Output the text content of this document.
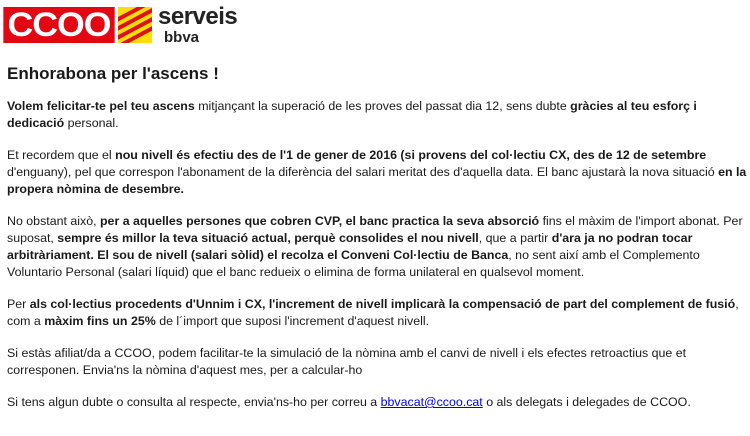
CCOO serveis
bbva
Enhorabona per l'ascens !

Volem felicitar-te pel teu ascens mitjançant la superació de les proves del passat dia 12, sens dubte gràcies al teu esforç i dedicació personal.

Et recordem que el nou nivell és efectiu des de l'1 de gener de 2016 (si provens del col·lectiu CX, des de 12 de setembre d'enguany), pel que correspon l'abonament de la diferència del salari meritat des d'aquella data. El banc ajustarà la nova situació en la propera nòmina de desembre.

No obstant això, per a aquelles persones que cobren CVP, el banc practica la seva absorció fins el màxim de l'import abonat. Per suposat, sempre és millor la teva situació actual, perquè consolides el nou nivell, que a partir d'ara ja no podran tocar arbitràriament. El sou de nivell (salari sòlid) el recolza el Conveni Col·lectiu de Banca, no sent així amb el Complemento Voluntario Personal (salari líquid) que el banc redueix o elimina de forma unilateral en qualsevol moment.

Per als col·lectius procedents d'Unnim i CX, l'increment de nivell implicarà la compensació de part del complement de fusió, com a màxim fins un 25% de l´import que suposi l'increment d'aquest nivell.

Si estàs afiliat/da a CCOO, podem facilitar-te la simulació de la nòmina amb el canvi de nivell i els efectes retroactius que et corresponen. Envia'ns la nòmina d'aquest mes, per a calcular-ho

Si tens algun dubte o consulta al respecte, envia'ns-ho per correu a bbvacat@ccoo.cat o als delegats i delegades de CCOO.
